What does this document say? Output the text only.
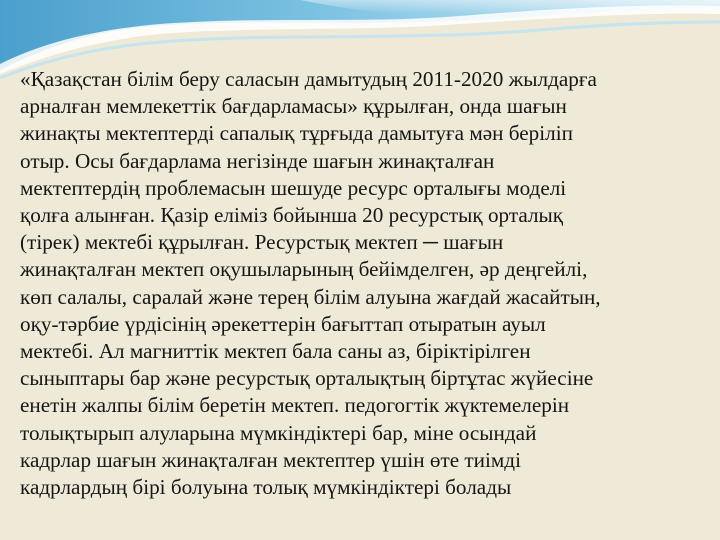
«Қазақстан білім беру саласын дамытудың 2011-2020 жылдарға
арналған мемлекеттік бағдарламасы» құрылған, онда шағын
жинақты мектептерді сапалық тұрғыда дамытуға мән беріліп
отыр. Осы бағдарлама негізінде шағын жинақталған
мектептердің проблемасын шешуде ресурс орталығы моделі
қолға алынған. Қазір еліміз бойынша 20 ресурстық орталық
(тірек) мектебі құрылған. Ресурстық мектеп ─ шағын
жинақталған мектеп оқушыларының бейімделген, әр деңгейлі,
көп салалы, саралай және терең білім алуына жағдай жасайтын,
оқу-тәрбие үрдісінің әрекеттерін бағыттап отыратын ауыл
мектебі. Ал магниттік мектеп бала саны аз, біріктірілген
сыныптары бар және ресурстық орталықтың біртұтас жүйесіне
енетін жалпы білім беретін мектеп. педогогтік жүктемелерін
толықтырып алуларына мүмкіндіктері бар, міне осындай
кадрлар шағын жинақталған мектептер үшін өте тиімді
кадрлардың бірі болуына толық мүмкіндіктері болады
